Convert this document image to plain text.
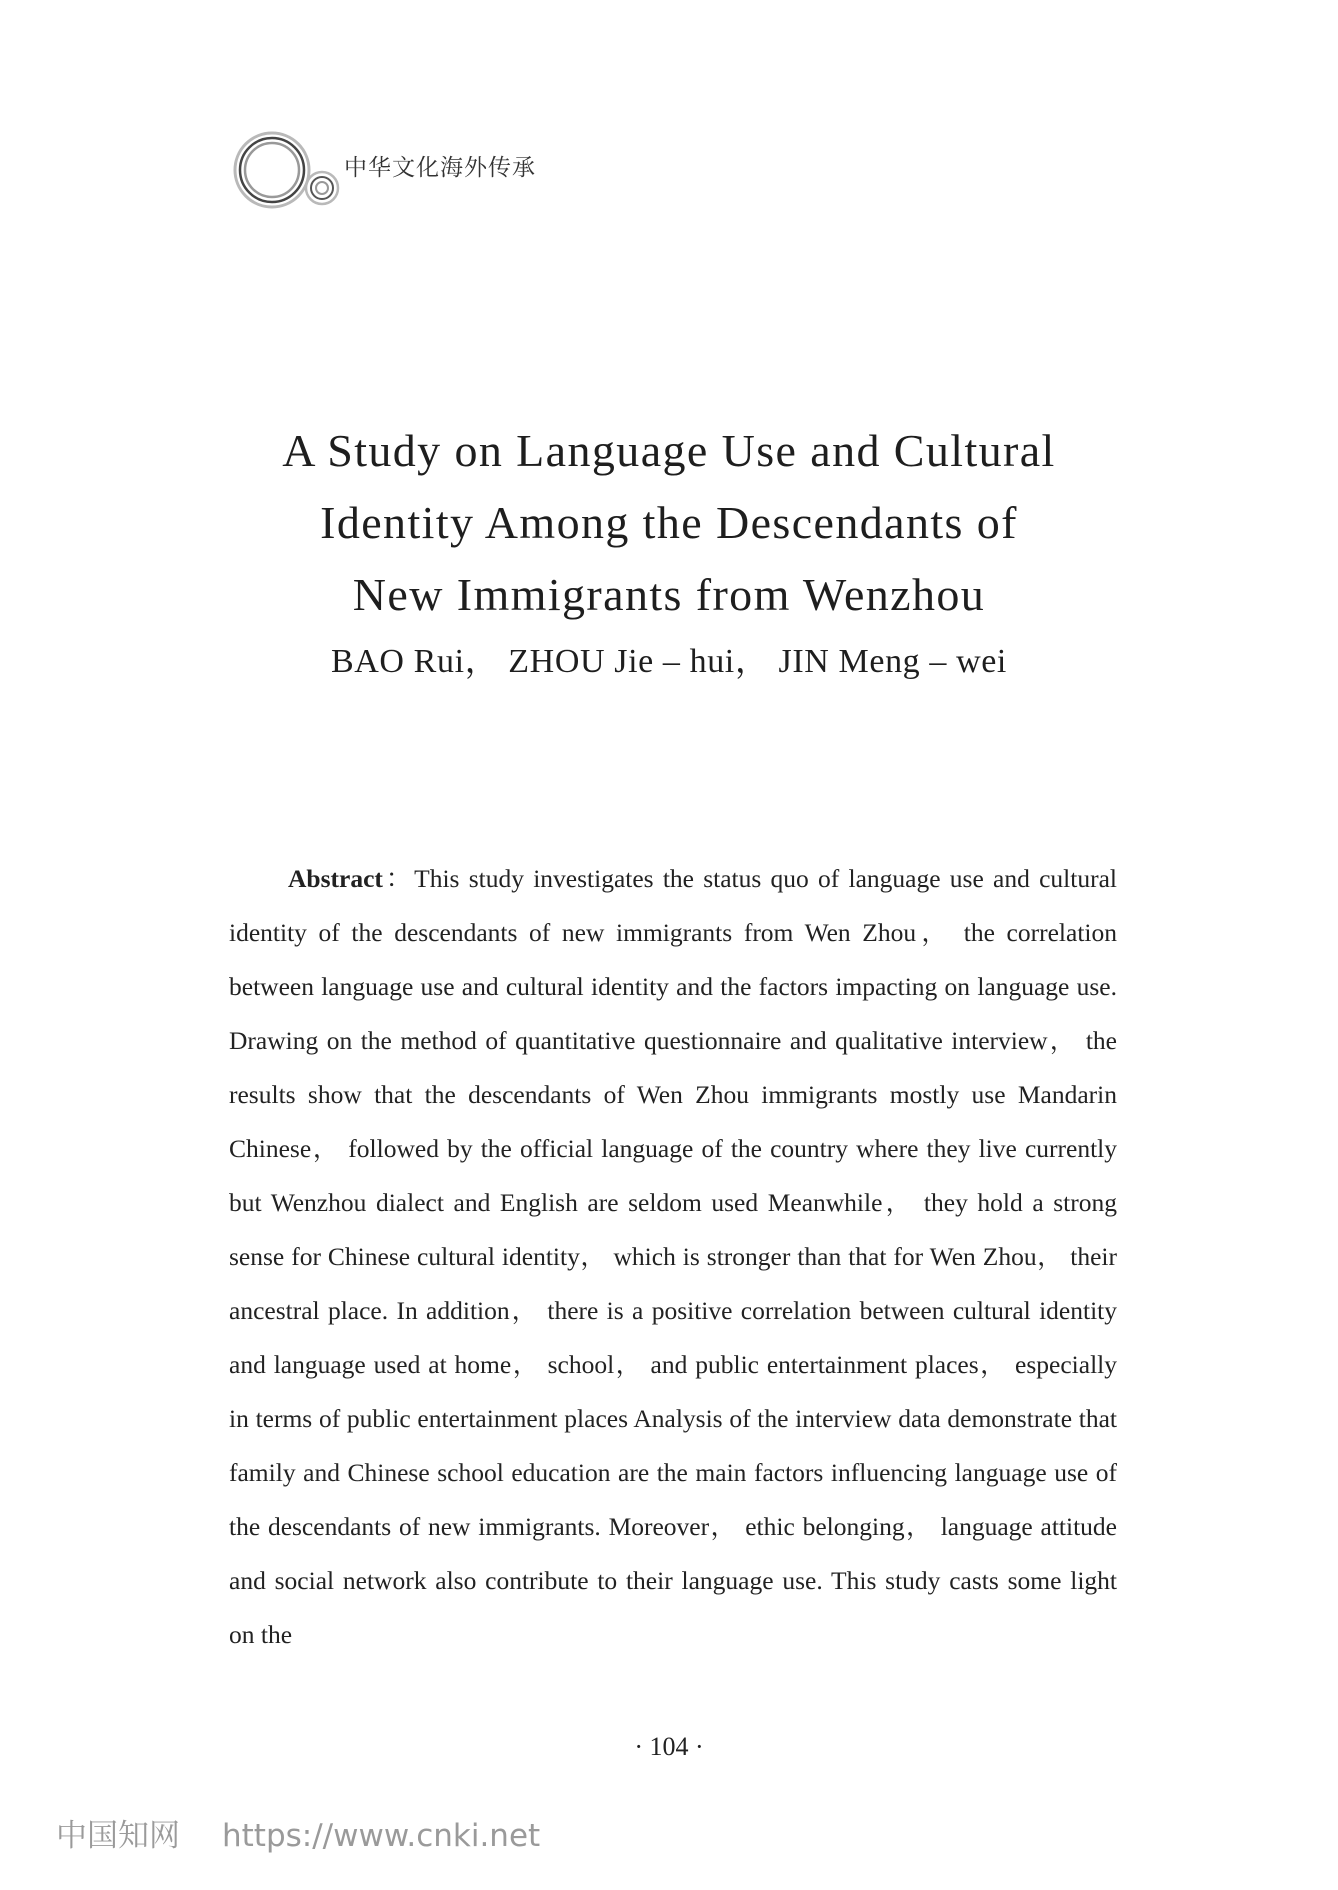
中华文化海外传承
A Study on Language Use and Cultural
Identity Among the Descendants of
New Immigrants from Wenzhou
BAO Rui， ZHOU Jie – hui， JIN Meng – wei

Abstract：This study investigates the status quo of language use and cultural identity of the descendants of new immigrants from Wen Zhou， the correlation between language use and cultural identity and the factors impacting on language use. Drawing on the method of quantitative questionnaire and qualitative interview， the results show that the descendants of Wen Zhou immigrants mostly use Mandarin Chinese， followed by the official language of the country where they live currently but Wenzhou dialect and English are seldom used Meanwhile， they hold a strong sense for Chinese cultural identity， which is stronger than that for Wen Zhou， their ancestral place. In addition， there is a positive correlation between cultural identity and language used at home， school， and public entertainment places， especially in terms of public entertainment places Analysis of the interview data demonstrate that family and Chinese school education are the main factors influencing language use of the descendants of new immigrants. Moreover， ethic belonging， language attitude and social network also contribute to their language use. This study casts some light on the

· 104 ·
中国知网 https://www.cnki.net
